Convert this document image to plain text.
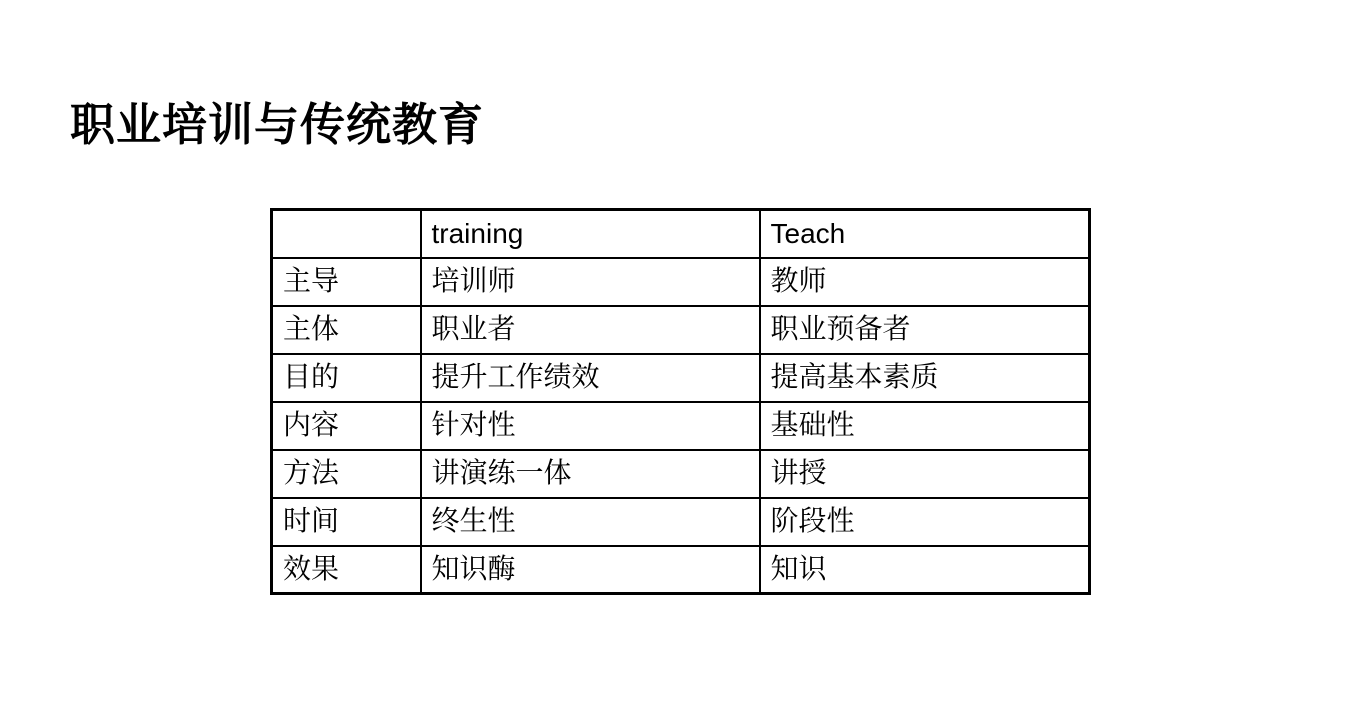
职业培训与传统教育
	training	Teach
主导	培训师	教师
主体	职业者	职业预备者
目的	提升工作绩效	提高基本素质
内容	针对性	基础性
方法	讲演练一体	讲授
时间	终生性	阶段性
效果	知识酶	知识
